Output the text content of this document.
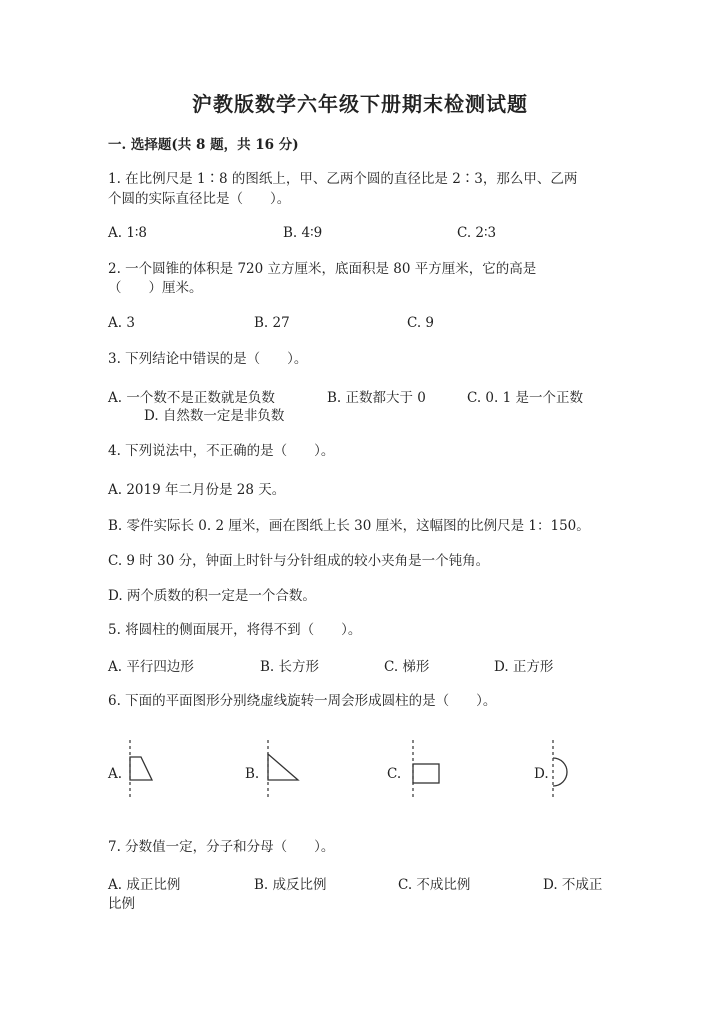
沪教版数学六年级下册期末检测试题
一. 选择题(共 8 题，共 16 分)
1. 在比例尺是 1∶8 的图纸上，甲、乙两个圆的直径比是 2∶3，那么甲、乙两
个圆的实际直径比是（　　）。
A. 1∶8	B. 4∶9	C. 2∶3
2. 一个圆锥的体积是 720 立方厘米，底面积是 80 平方厘米，它的高是
（　　）厘米。
A. 3	B. 27	C. 9
3. 下列结论中错误的是（　　）。
A. 一个数不是正数就是负数	B. 正数都大于 0	C. 0. 1 是一个正数
D. 自然数一定是非负数
4. 下列说法中，不正确的是（　　）。
A. 2019 年二月份是 28 天。
B. 零件实际长 0. 2 厘米，画在图纸上长 30 厘米，这幅图的比例尺是 1：150。
C. 9 时 30 分，钟面上时针与分针组成的较小夹角是一个钝角。
D. 两个质数的积一定是一个合数。
5. 将圆柱的侧面展开，将得不到（　　）。
A. 平行四边形	B. 长方形	C. 梯形	D. 正方形
6. 下面的平面图形分别绕虚线旋转一周会形成圆柱的是（　　）。
A.	B.	C.	D.
7. 分数值一定，分子和分母（　　）。
A. 成正比例	B. 成反比例	C. 不成比例	D. 不成正
比例
